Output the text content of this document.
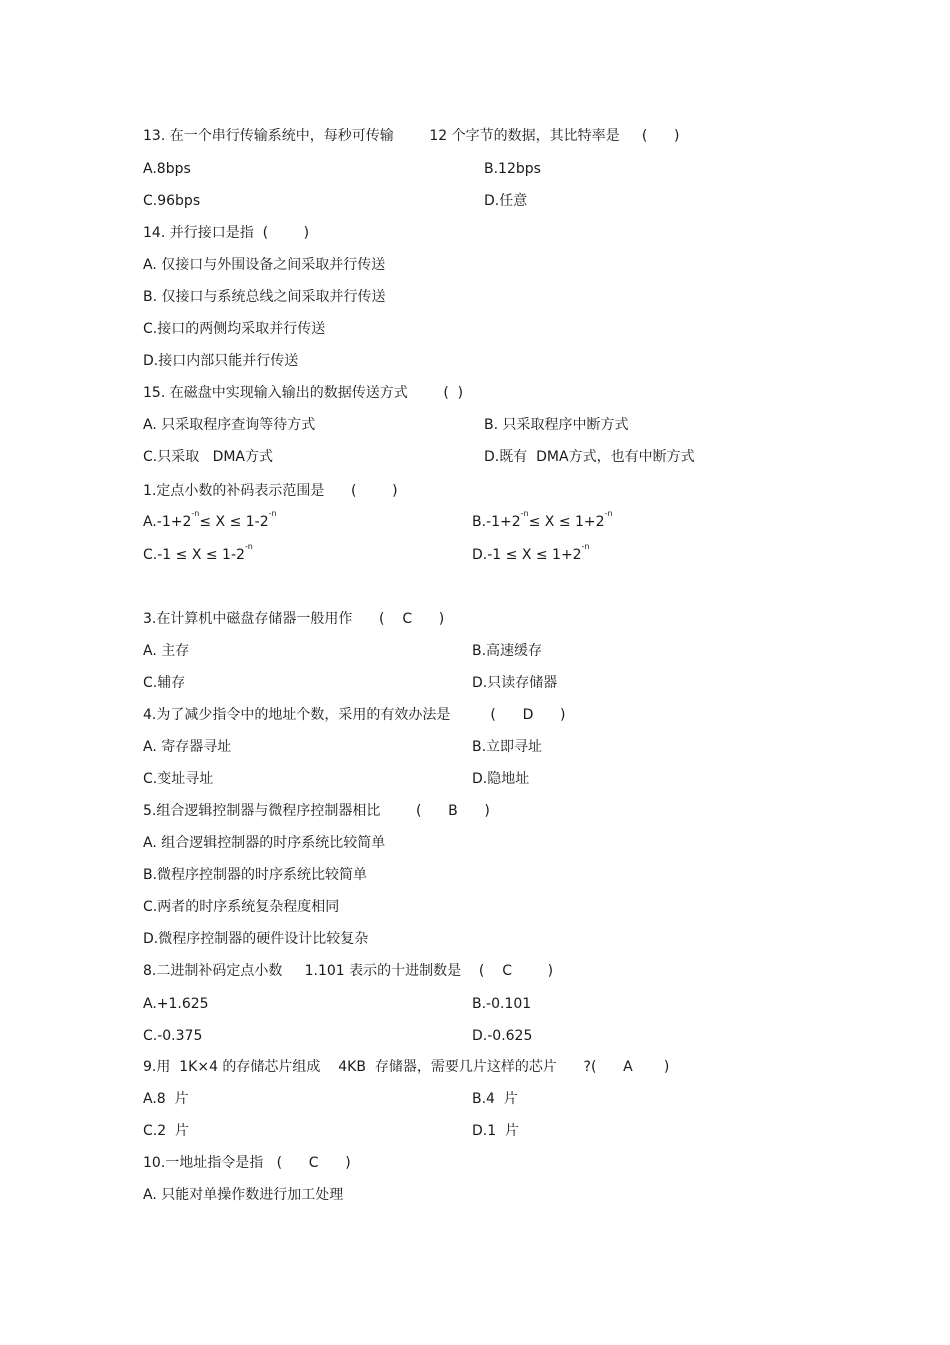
13. 在一个串行传输系统中，每秒可传输        12 个字节的数据，其比特率是     (      )
A.8bps	B.12bps
C.96bps	D.任意
14. 并行接口是指  (        )
A. 仅接口与外围设备之间采取并行传送
B. 仅接口与系统总线之间采取并行传送
C.接口的两侧均采取并行传送
D.接口内部只能并行传送
15. 在磁盘中实现输入输出的数据传送方式        (  )
A. 只采取程序查询等待方式	B. 只采取程序中断方式
C.只采取   DMA方式	D.既有  DMA方式，也有中断方式
1.定点小数的补码表示范围是      (        )
$A.-1+2^{-n}\le X \le 1-2^{-n}$
$B.-1+2^{-n}\le X \le 1+2^{-n}$
$C.-1 \le X \le 1-2^{-n}$
$D.-1 \le X \le 1+2^{-n}$
3.在计算机中磁盘存储器一般用作      (    C      )
A. 主存	B.高速缓存
C.辅存	D.只读存储器
4.为了减少指令中的地址个数，采用的有效办法是         (      D      )
A. 寄存器寻址	B.立即寻址
C.变址寻址	D.隐地址
5.组合逻辑控制器与微程序控制器相比        (      B      )
A. 组合逻辑控制器的时序系统比较简单
B.微程序控制器的时序系统比较简单
C.两者的时序系统复杂程度相同
D.微程序控制器的硬件设计比较复杂
8.二进制补码定点小数     1.101 表示的十进制数是    (    C        )
A.+1.625	B.-0.101
C.-0.375	D.-0.625
9.用  1K×4 的存储芯片组成    4KB  存储器，需要几片这样的芯片      ?(      A       )
A.8  片	B.4  片
C.2  片	D.1  片
10.一地址指令是指   (      C      )
A. 只能对单操作数进行加工处理
